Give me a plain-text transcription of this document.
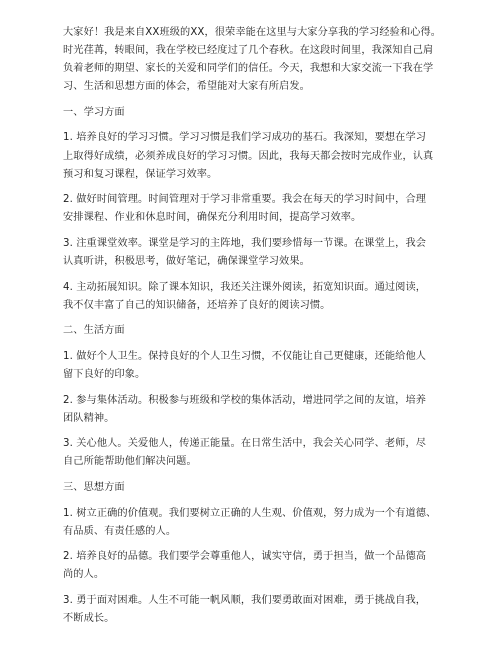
大家好！我是来自XX班级的XX，很荣幸能在这里与大家分享我的学习经验和心得。
时光荏苒，转眼间，我在学校已经度过了几个春秋。在这段时间里，我深知自己肩
负着老师的期望、家长的关爱和同学们的信任。今天，我想和大家交流一下我在学
习、生活和思想方面的体会，希望能对大家有所启发。

一、学习方面

1. 培养良好的学习习惯。学习习惯是我们学习成功的基石。我深知，要想在学习
上取得好成绩，必须养成良好的学习习惯。因此，我每天都会按时完成作业，认真
预习和复习课程，保证学习效率。

2. 做好时间管理。时间管理对于学习非常重要。我会在每天的学习时间中，合理
安排课程、作业和休息时间，确保充分利用时间，提高学习效率。

3. 注重课堂效率。课堂是学习的主阵地，我们要珍惜每一节课。在课堂上，我会
认真听讲，积极思考，做好笔记，确保课堂学习效果。

4. 主动拓展知识。除了课本知识，我还关注课外阅读，拓宽知识面。通过阅读，
我不仅丰富了自己的知识储备，还培养了良好的阅读习惯。

二、生活方面

1. 做好个人卫生。保持良好的个人卫生习惯，不仅能让自己更健康，还能给他人
留下良好的印象。

2. 参与集体活动。积极参与班级和学校的集体活动，增进同学之间的友谊，培养
团队精神。

3. 关心他人。关爱他人，传递正能量。在日常生活中，我会关心同学、老师，尽
自己所能帮助他们解决问题。

三、思想方面

1. 树立正确的价值观。我们要树立正确的人生观、价值观，努力成为一个有道德、
有品质、有责任感的人。

2. 培养良好的品德。我们要学会尊重他人，诚实守信，勇于担当，做一个品德高
尚的人。

3. 勇于面对困难。人生不可能一帆风顺，我们要勇敢面对困难，勇于挑战自我，
不断成长。
